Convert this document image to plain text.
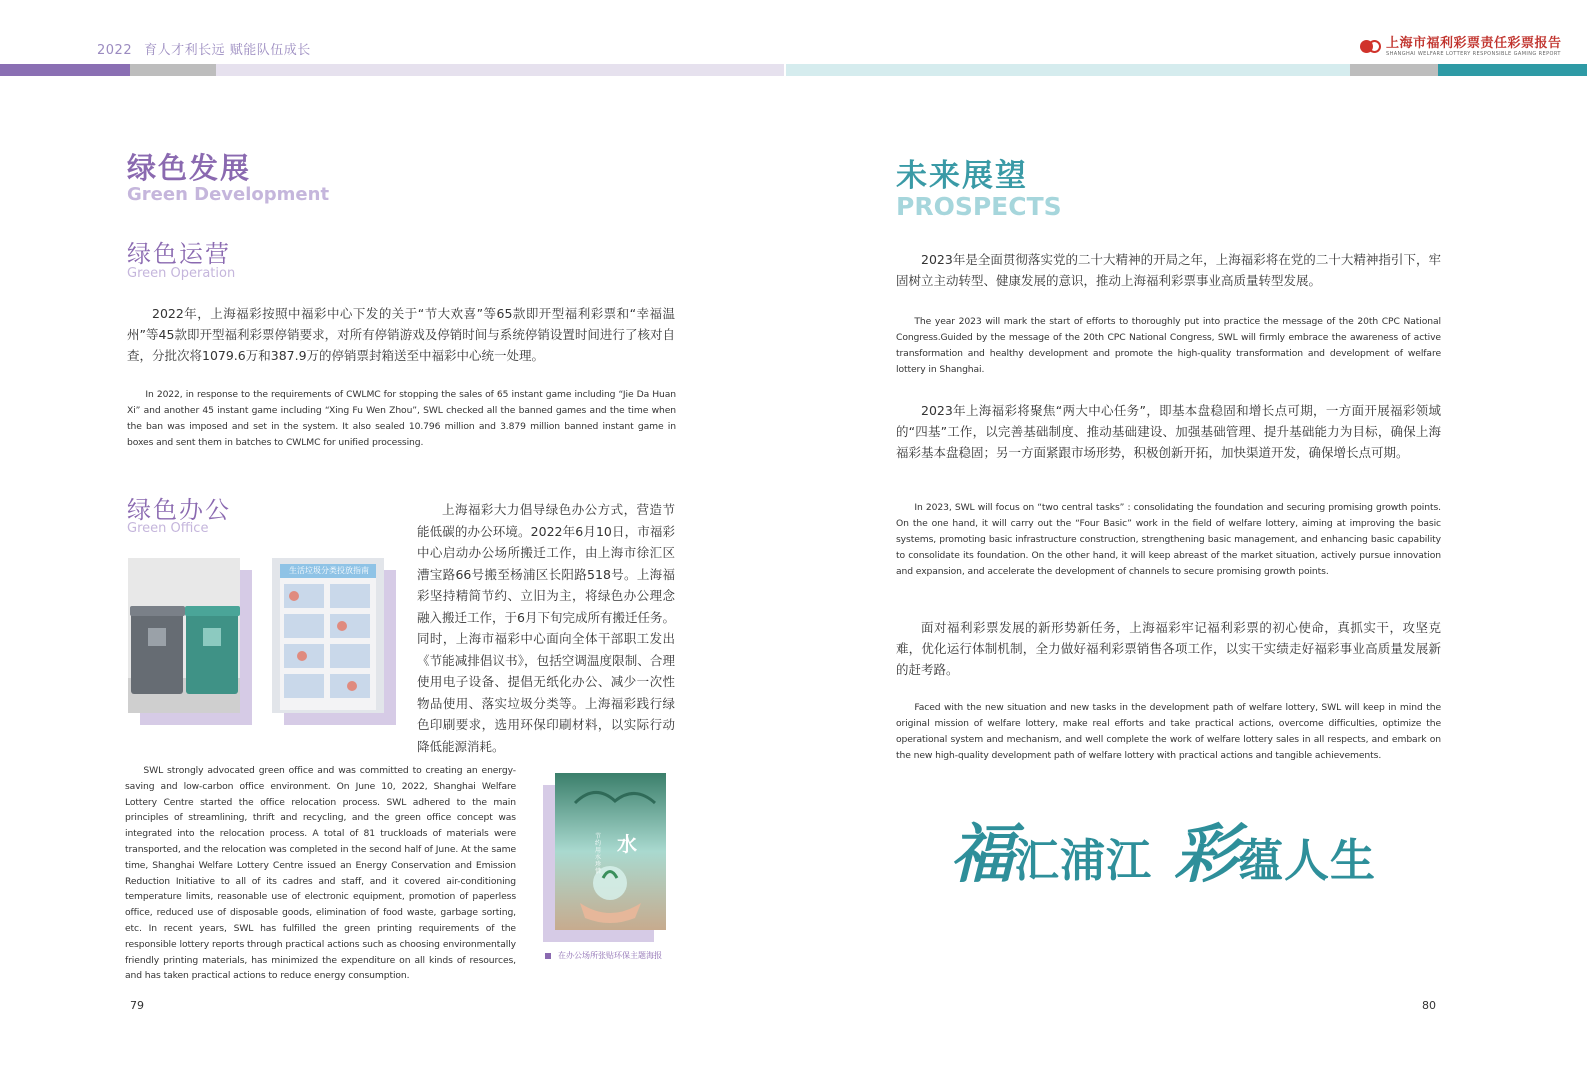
2022 育人才利长远 赋能队伍成长	上海市福利彩票责任彩票报告
SHANGHAI WELFARE LOTTERY RESPONSIBLE GAMING REPORT
绿色发展
Green Development
绿色运营
Green Operation
2022年，上海福彩按照中福彩中心下发的关于“节大欢喜”等65款即开型福利彩票和“幸福温州”等45款即开型福利彩票停销要求，对所有停销游戏及停销时间与系统停销设置时间进行了核对自查，分批次将1079.6万和387.9万的停销票封箱送至中福彩中心统一处理。
In 2022, in response to the requirements of CWLMC for stopping the sales of 65 instant game including “Jie Da Huan Xi” and another 45 instant game including “Xing Fu Wen Zhou”, SWL checked all the banned games and the time when the ban was imposed and set in the system. It also sealed 10.796 million and 3.879 million banned instant game in boxes and sent them in batches to CWLMC for unified processing.
绿色办公
Green Office
上海福彩大力倡导绿色办公方式，营造节能低碳的办公环境。2022年6月10日，市福彩中心启动办公场所搬迁工作，由上海市徐汇区漕宝路66号搬至杨浦区长阳路518号。上海福彩坚持精简节约、立旧为主，将绿色办公理念融入搬迁工作，于6月下旬完成所有搬迁任务。同时，上海市福彩中心面向全体干部职工发出《节能减排倡议书》，包括空调温度限制、合理使用电子设备、提倡无纸化办公、减少一次性物品使用、落实垃圾分类等。上海福彩践行绿色印刷要求，选用环保印刷材料，以实际行动降低能源消耗。
生活垃圾分类投放指南
SWL strongly advocated green office and was committed to creating an energy-saving and low-carbon office environment. On June 10, 2022, Shanghai Welfare Lottery Centre started the office relocation process. SWL adhered to the main principles of streamlining, thrift and recycling, and the green office concept was integrated into the relocation process. A total of 81 truckloads of materials were transported, and the relocation was completed in the second half of June. At the same time, Shanghai Welfare Lottery Centre issued an Energy Conservation and Emission Reduction Initiative to all of its cadres and staff, and it covered air-conditioning temperature limits, reasonable use of electronic equipment, promotion of paperless office, reduced use of disposable goods, elimination of food waste, garbage sorting, etc. In recent years, SWL has fulfilled the green printing requirements of the responsible lottery reports through practical actions such as choosing environmentally friendly printing materials, has minimized the expenditure on all kinds of resources, and has taken practical actions to reduce energy consumption.
水
节约用水 珍惜
在办公场所张贴环保主题海报
79
未来展望
PROSPECTS
2023年是全面贯彻落实党的二十大精神的开局之年，上海福彩将在党的二十大精神指引下，牢固树立主动转型、健康发展的意识，推动上海福利彩票事业高质量转型发展。
The year 2023 will mark the start of efforts to thoroughly put into practice the message of the 20th CPC National Congress.Guided by the message of the 20th CPC National Congress, SWL will firmly embrace the awareness of active transformation and healthy development and promote the high-quality transformation and development of welfare lottery in Shanghai.
2023年上海福彩将聚焦“两大中心任务”，即基本盘稳固和增长点可期，一方面开展福彩领域的“四基”工作，以完善基础制度、推动基础建设、加强基础管理、提升基础能力为目标，确保上海福彩基本盘稳固；另一方面紧跟市场形势，积极创新开拓，加快渠道开发，确保增长点可期。
In 2023, SWL will focus on “two central tasks” : consolidating the foundation and securing promising growth points. On the one hand, it will carry out the “Four Basic” work in the field of welfare lottery, aiming at improving the basic systems, promoting basic infrastructure construction, strengthening basic management, and enhancing basic capability to consolidate its foundation. On the other hand, it will keep abreast of the market situation, actively pursue innovation and expansion, and accelerate the development of channels to secure promising growth points.
面对福利彩票发展的新形势新任务，上海福彩牢记福利彩票的初心使命，真抓实干，攻坚克难，优化运行体制机制，全力做好福利彩票销售各项工作，以实干实绩走好福彩事业高质量发展新的赶考路。
Faced with the new situation and new tasks in the development path of welfare lottery, SWL will keep in mind the original mission of welfare lottery, make real efforts and take practical actions, overcome difficulties, optimize the operational system and mechanism, and well complete the work of welfare lottery sales in all respects, and embark on the new high-quality development path of welfare lottery with practical actions and tangible achievements.
福 汇浦江 彩 蕴人生
80
